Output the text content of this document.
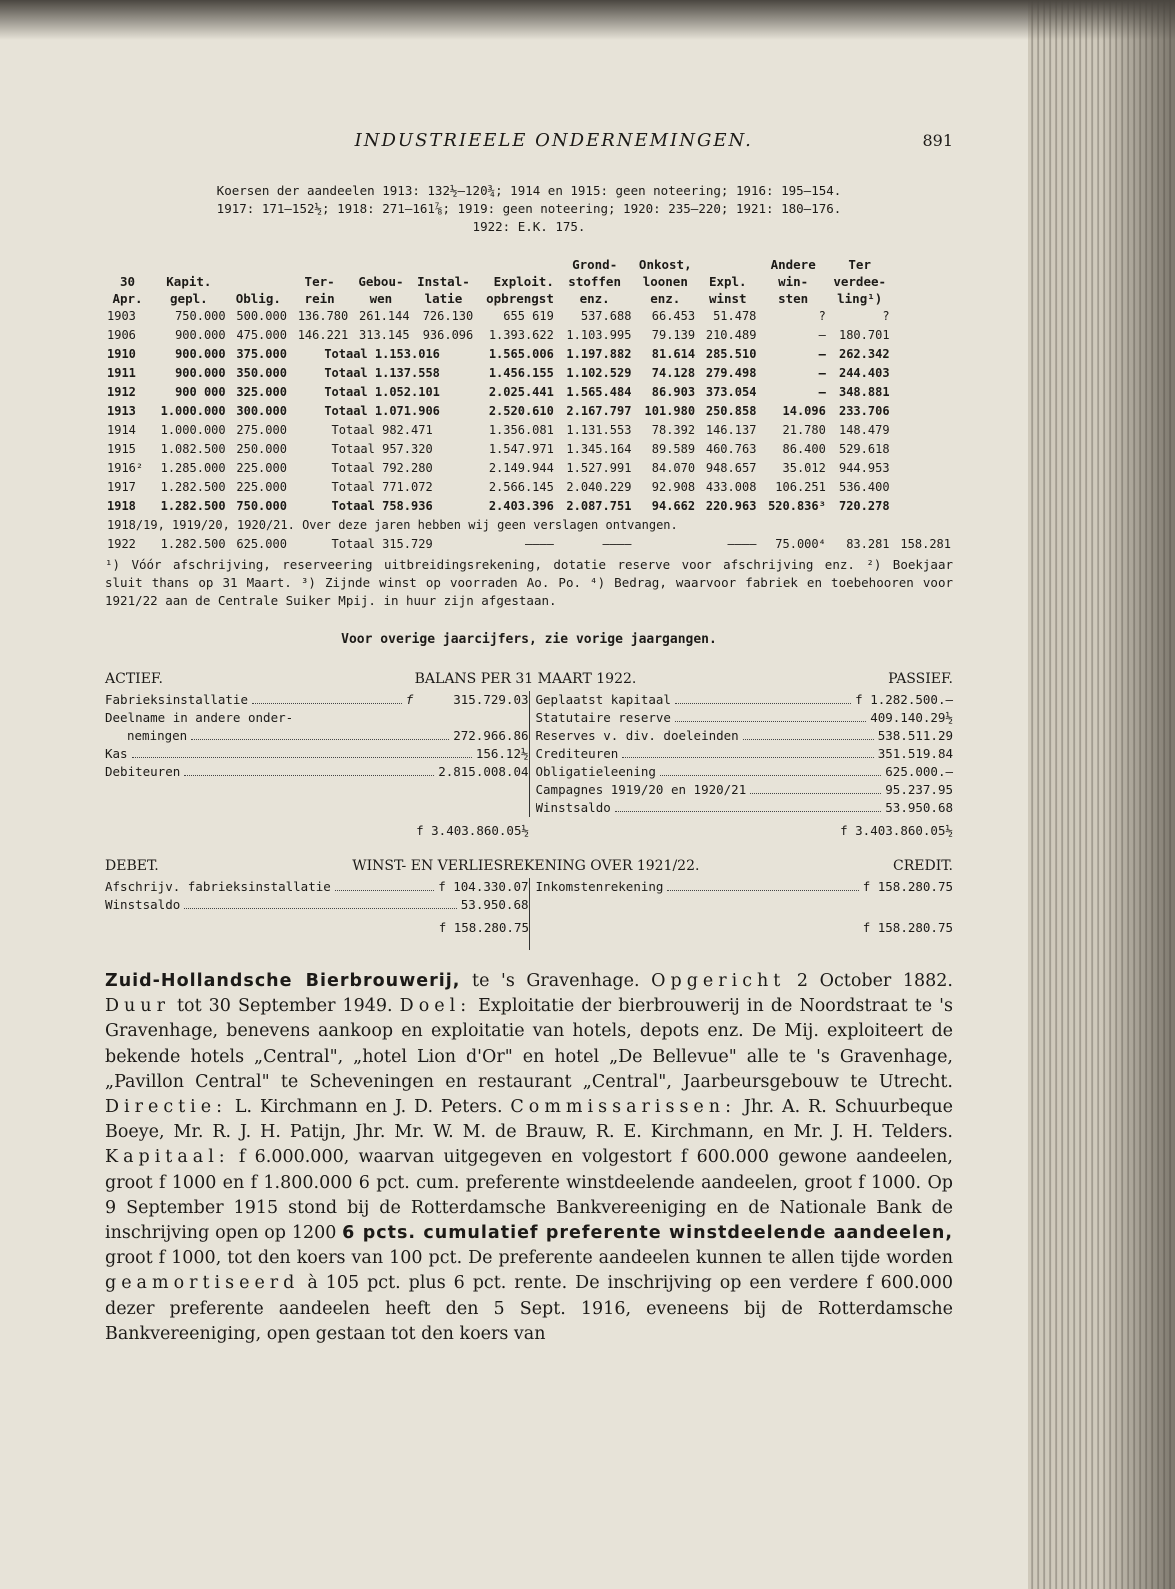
INDUSTRIEELE ONDERNEMINGEN.	891
Koersen der aandeelen 1913: 132½—120¾; 1914 en 1915: geen noteering; 1916: 195—154.
1917: 171—152½; 1918: 271—161⅞; 1919: geen noteering; 1920: 235—220; 1921: 180—176.
1922: E.K. 175.
							Grond-	Onkost,		Andere	Ter	
30	Kapit.		Ter-	Gebou-	Instal-	Exploit.	stoffen	loonen	Expl.	win-	verdee-	
Apr.	gepl.	Oblig.	rein	wen	latie	opbrengst	enz.	enz.	winst	sten	ling¹)	
1903	750.000	500.000	136.780	261.144	726.130	655 619	537.688	66.453	51.478	?	?	
1906	900.000	475.000	146.221	313.145	936.096	1.393.622	1.103.995	79.139	210.489	—	180.701	
1910	900.000	375.000	Totaal 1.153.016			1.565.006	1.197.882	81.614	285.510	—	262.342	
1911	900.000	350.000	Totaal 1.137.558			1.456.155	1.102.529	74.128	279.498	—	244.403	
1912	900 000	325.000	Totaal 1.052.101			2.025.441	1.565.484	86.903	373.054	—	348.881	
1913	1.000.000	300.000	Totaal 1.071.906			2.520.610	2.167.797	101.980	250.858	14.096	233.706	
1914	1.000.000	275.000	Totaal 982.471			1.356.081	1.131.553	78.392	146.137	21.780	148.479	
1915	1.082.500	250.000	Totaal 957.320			1.547.971	1.345.164	89.589	460.763	86.400	529.618	
1916²	1.285.000	225.000	Totaal 792.280			2.149.944	1.527.991	84.070	948.657	35.012	944.953	
1917	1.282.500	225.000	Totaal 771.072			2.566.145	2.040.229	92.908	433.008	106.251	536.400	
1918	1.282.500	750.000	Totaal 758.936			2.403.396	2.087.751	94.662	220.963	520.836³	720.278	
1918/19, 1919/20, 1920/21. Over deze jaren hebben wij geen verslagen ontvangen.												
1922	1.282.500	625.000	Totaal 315.729			————	————		————	75.000⁴	83.281	158.281

¹) Vóór afschrijving, reserveering uitbreidingsrekening, dotatie reserve voor afschrijving enz. ²) Boekjaar sluit thans op 31 Maart. ³) Zijnde winst op voorraden Ao. Po. ⁴) Bedrag, waarvoor fabriek en toebehooren voor 1921/22 aan de Centrale Suiker Mpij. in huur zijn afgestaan.

Voor overige jaarcijfers, zie vorige jaargangen.
ACTIEF.	BALANS PER 31 MAART 1922.	PASSIEF.
Fabrieksinstallatie	f	315.729.03
Deelname in andere onder-
nemingen	272.966.86
Kas	156.12½
Debiteuren	2.815.008.04
Geplaatst kapitaal	f 1.282.500.—
Statutaire reserve	409.140.29½
Reserves v. div. doeleinden	538.511.29
Crediteuren	351.519.84
Obligatieleening	625.000.—
Campagnes 1919/20 en 1920/21	95.237.95
Winstsaldo	53.950.68
f 3.403.860.05½	f 3.403.860.05½
DEBET.	WINST- EN VERLIESREKENING OVER 1921/22.	CREDIT.
Afschrijv. fabrieksinstallatie	f 104.330.07
Winstsaldo	53.950.68
Inkomstenrekening	f 158.280.75
f 158.280.75	f 158.280.75
Zuid-Hollandsche Bierbrouwerij, te 's Gravenhage. Opgericht 2 October 1882. Duur tot 30 September 1949. Doel: Exploitatie der bierbrouwerij in de Noordstraat te 's Gravenhage, benevens aankoop en exploitatie van hotels, depots enz. De Mij. exploiteert de bekende hotels „Central", „hotel Lion d'Or" en hotel „De Bellevue" alle te 's Gravenhage, „Pavillon Central" te Scheveningen en restaurant „Central", Jaarbeursgebouw te Utrecht. Directie: L. Kirchmann en J. D. Peters. Commissarissen: Jhr. A. R. Schuurbeque Boeye, Mr. R. J. H. Patijn, Jhr. Mr. W. M. de Brauw, R. E. Kirchmann, en Mr. J. H. Telders. Kapitaal: f 6.000.000, waarvan uitgegeven en volgestort f 600.000 gewone aandeelen, groot f 1000 en f 1.800.000 6 pct. cum. preferente winstdeelende aandeelen, groot f 1000. Op 9 September 1915 stond bij de Rotterdamsche Bankvereeniging en de Nationale Bank de inschrijving open op 1200 6 pcts. cumulatief preferente winstdeelende aandeelen, groot f 1000, tot den koers van 100 pct. De preferente aandeelen kunnen te allen tijde worden geamortiseerd à 105 pct. plus 6 pct. rente. De inschrijving op een verdere f 600.000 dezer preferente aandeelen heeft den 5 Sept. 1916, eveneens bij de Rotterdamsche Bankvereeniging, open gestaan tot den koers van
